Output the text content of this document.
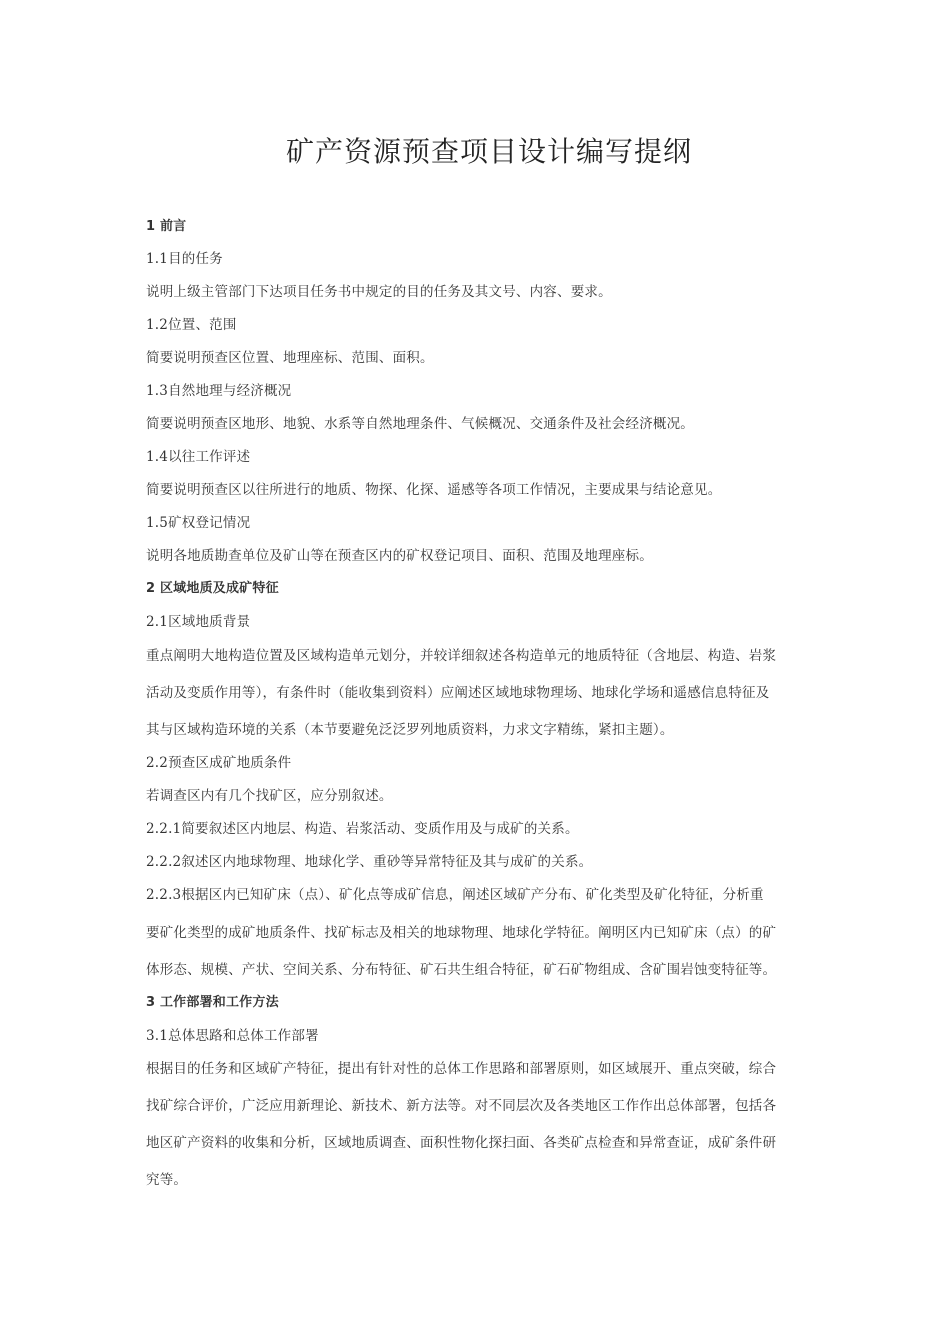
矿产资源预查项目设计编写提纲
1 前言
1.1目的任务
说明上级主管部门下达项目任务书中规定的目的任务及其文号、内容、要求。
1.2位置、范围
简要说明预查区位置、地理座标、范围、面积。
1.3自然地理与经济概况
简要说明预查区地形、地貌、水系等自然地理条件、气候概况、交通条件及社会经济概况。
1.4以往工作评述
简要说明预查区以往所进行的地质、物探、化探、遥感等各项工作情况，主要成果与结论意见。
1.5矿权登记情况
说明各地质勘查单位及矿山等在预查区内的矿权登记项目、面积、范围及地理座标。
2 区域地质及成矿特征
2.1区域地质背景
重点阐明大地构造位置及区域构造单元划分，并较详细叙述各构造单元的地质特征（含地层、构造、岩浆
活动及变质作用等），有条件时（能收集到资料）应阐述区域地球物理场、地球化学场和遥感信息特征及
其与区域构造环境的关系（本节要避免泛泛罗列地质资料，力求文字精练，紧扣主题）。
2.2预查区成矿地质条件
若调查区内有几个找矿区，应分别叙述。
2.2.1简要叙述区内地层、构造、岩浆活动、变质作用及与成矿的关系。
2.2.2叙述区内地球物理、地球化学、重砂等异常特征及其与成矿的关系。
2.2.3根据区内已知矿床（点）、矿化点等成矿信息，阐述区域矿产分布、矿化类型及矿化特征，分析重
要矿化类型的成矿地质条件、找矿标志及相关的地球物理、地球化学特征。阐明区内已知矿床（点）的矿
体形态、规模、产状、空间关系、分布特征、矿石共生组合特征，矿石矿物组成、含矿围岩蚀变特征等。
3 工作部署和工作方法
3.1总体思路和总体工作部署
根据目的任务和区域矿产特征，提出有针对性的总体工作思路和部署原则，如区域展开、重点突破，综合
找矿综合评价，广泛应用新理论、新技术、新方法等。对不同层次及各类地区工作作出总体部署，包括各
地区矿产资料的收集和分析，区域地质调查、面积性物化探扫面、各类矿点检查和异常查证，成矿条件研
究等。
